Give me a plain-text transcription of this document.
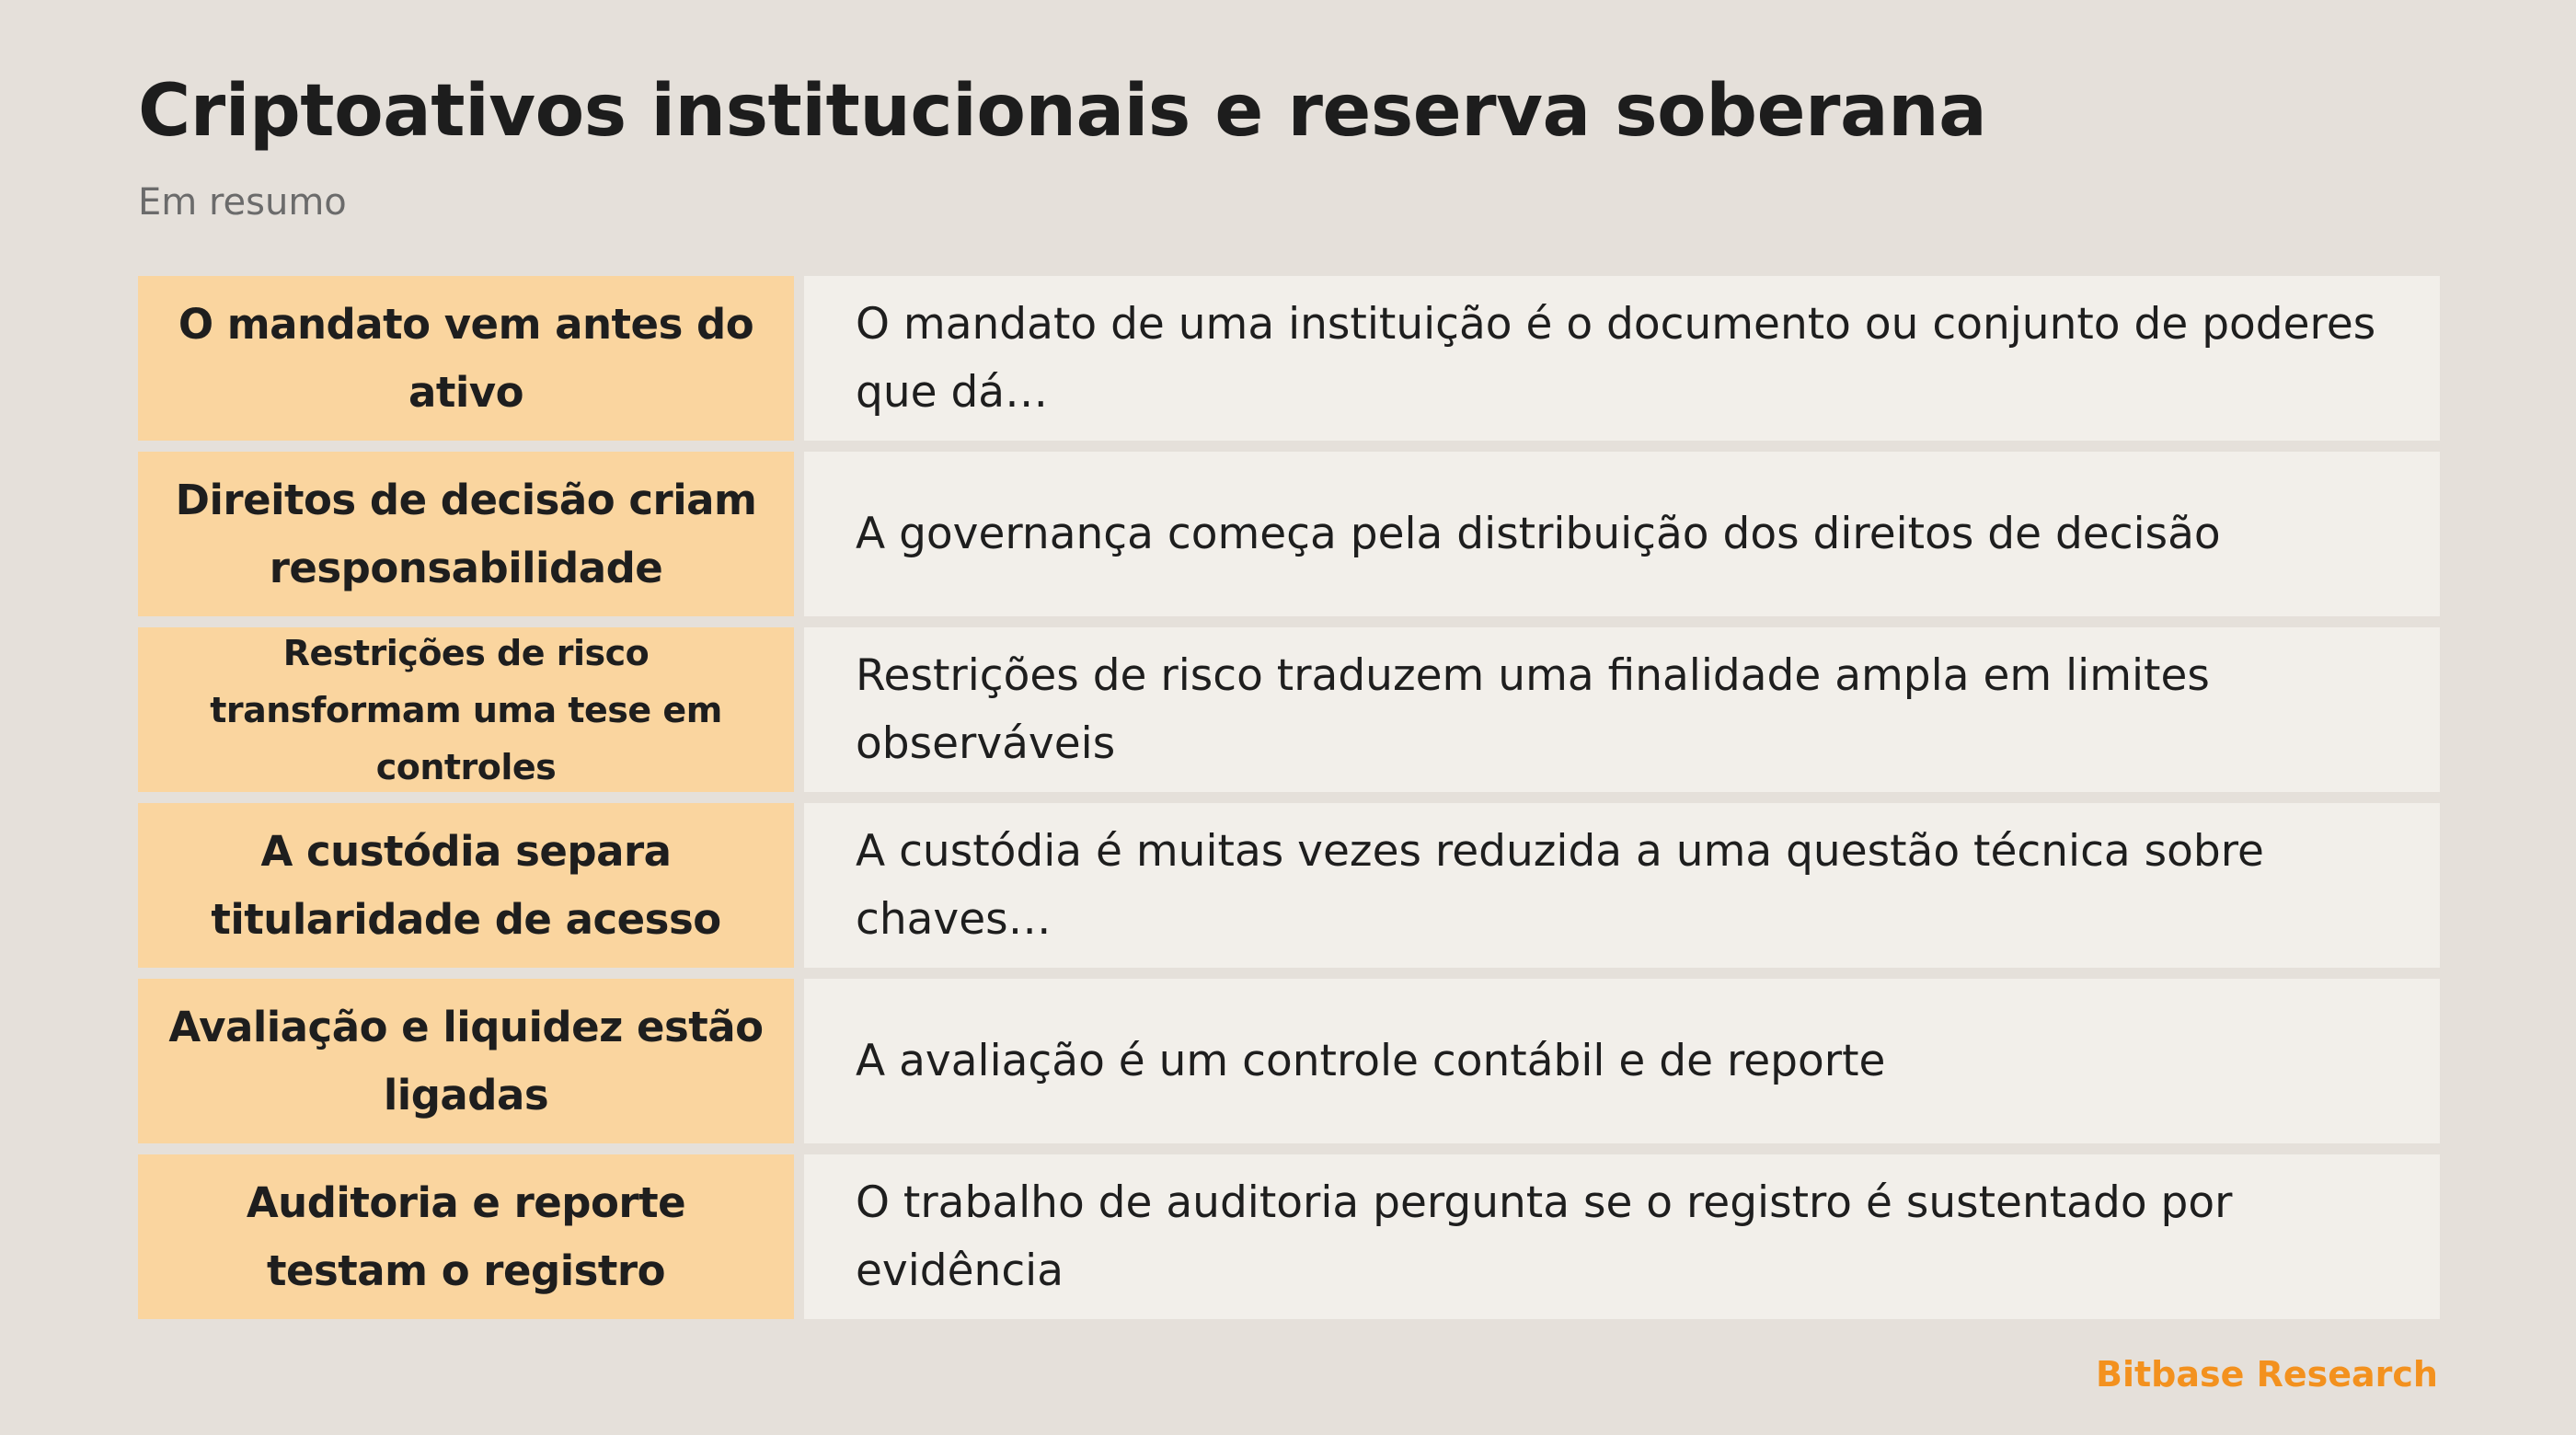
Criptoativos institucionais e reserva soberana

Em resumo

O mandato vem antes do ativo
O mandato de uma instituição é o documento ou conjunto de poderes que dá…
Direitos de decisão criam responsabilidade
A governança começa pela distribuição dos direitos de decisão
Restrições de risco transformam uma tese em controles
Restrições de risco traduzem uma finalidade ampla em limites observáveis
A custódia separa titularidade de acesso
A custódia é muitas vezes reduzida a uma questão técnica sobre chaves…
Avaliação e liquidez estão ligadas
A avaliação é um controle contábil e de reporte
Auditoria e reporte testam o registro
O trabalho de auditoria pergunta se o registro é sustentado por evidência

Bitbase Research
